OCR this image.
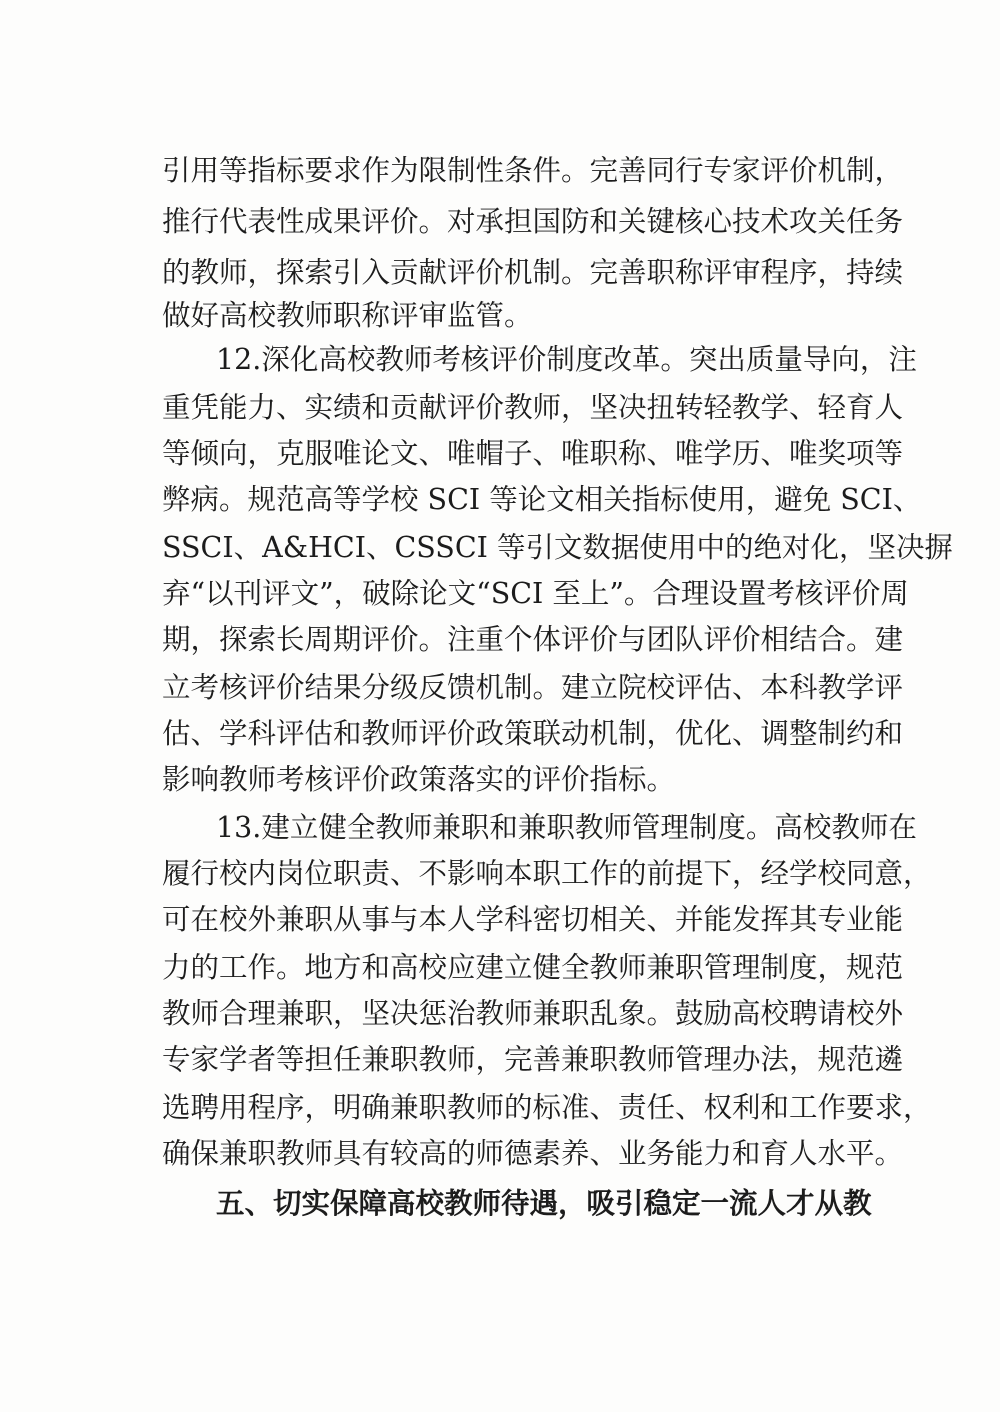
引用等指标要求作为限制性条件。完善同行专家评价机制，
推行代表性成果评价。对承担国防和关键核心技术攻关任务
的教师，探索引入贡献评价机制。完善职称评审程序，持续
做好高校教师职称评审监管。
12.深化高校教师考核评价制度改革。突出质量导向，注
重凭能力、实绩和贡献评价教师，坚决扭转轻教学、轻育人
等倾向，克服唯论文、唯帽子、唯职称、唯学历、唯奖项等
弊病。规范高等学校 SCI 等论文相关指标使用，避免 SCI、
SSCI、A&HCI、CSSCI 等引文数据使用中的绝对化，坚决摒
弃“以刊评文”，破除论文“SCI 至上”。合理设置考核评价周
期，探索长周期评价。注重个体评价与团队评价相结合。建
立考核评价结果分级反馈机制。建立院校评估、本科教学评
估、学科评估和教师评价政策联动机制，优化、调整制约和
影响教师考核评价政策落实的评价指标。
13.建立健全教师兼职和兼职教师管理制度。高校教师在
履行校内岗位职责、不影响本职工作的前提下，经学校同意，
可在校外兼职从事与本人学科密切相关、并能发挥其专业能
力的工作。地方和高校应建立健全教师兼职管理制度，规范
教师合理兼职，坚决惩治教师兼职乱象。鼓励高校聘请校外
专家学者等担任兼职教师，完善兼职教师管理办法，规范遴
选聘用程序，明确兼职教师的标准、责任、权利和工作要求，
确保兼职教师具有较高的师德素养、业务能力和育人水平。
五、切实保障高校教师待遇，吸引稳定一流人才从教
